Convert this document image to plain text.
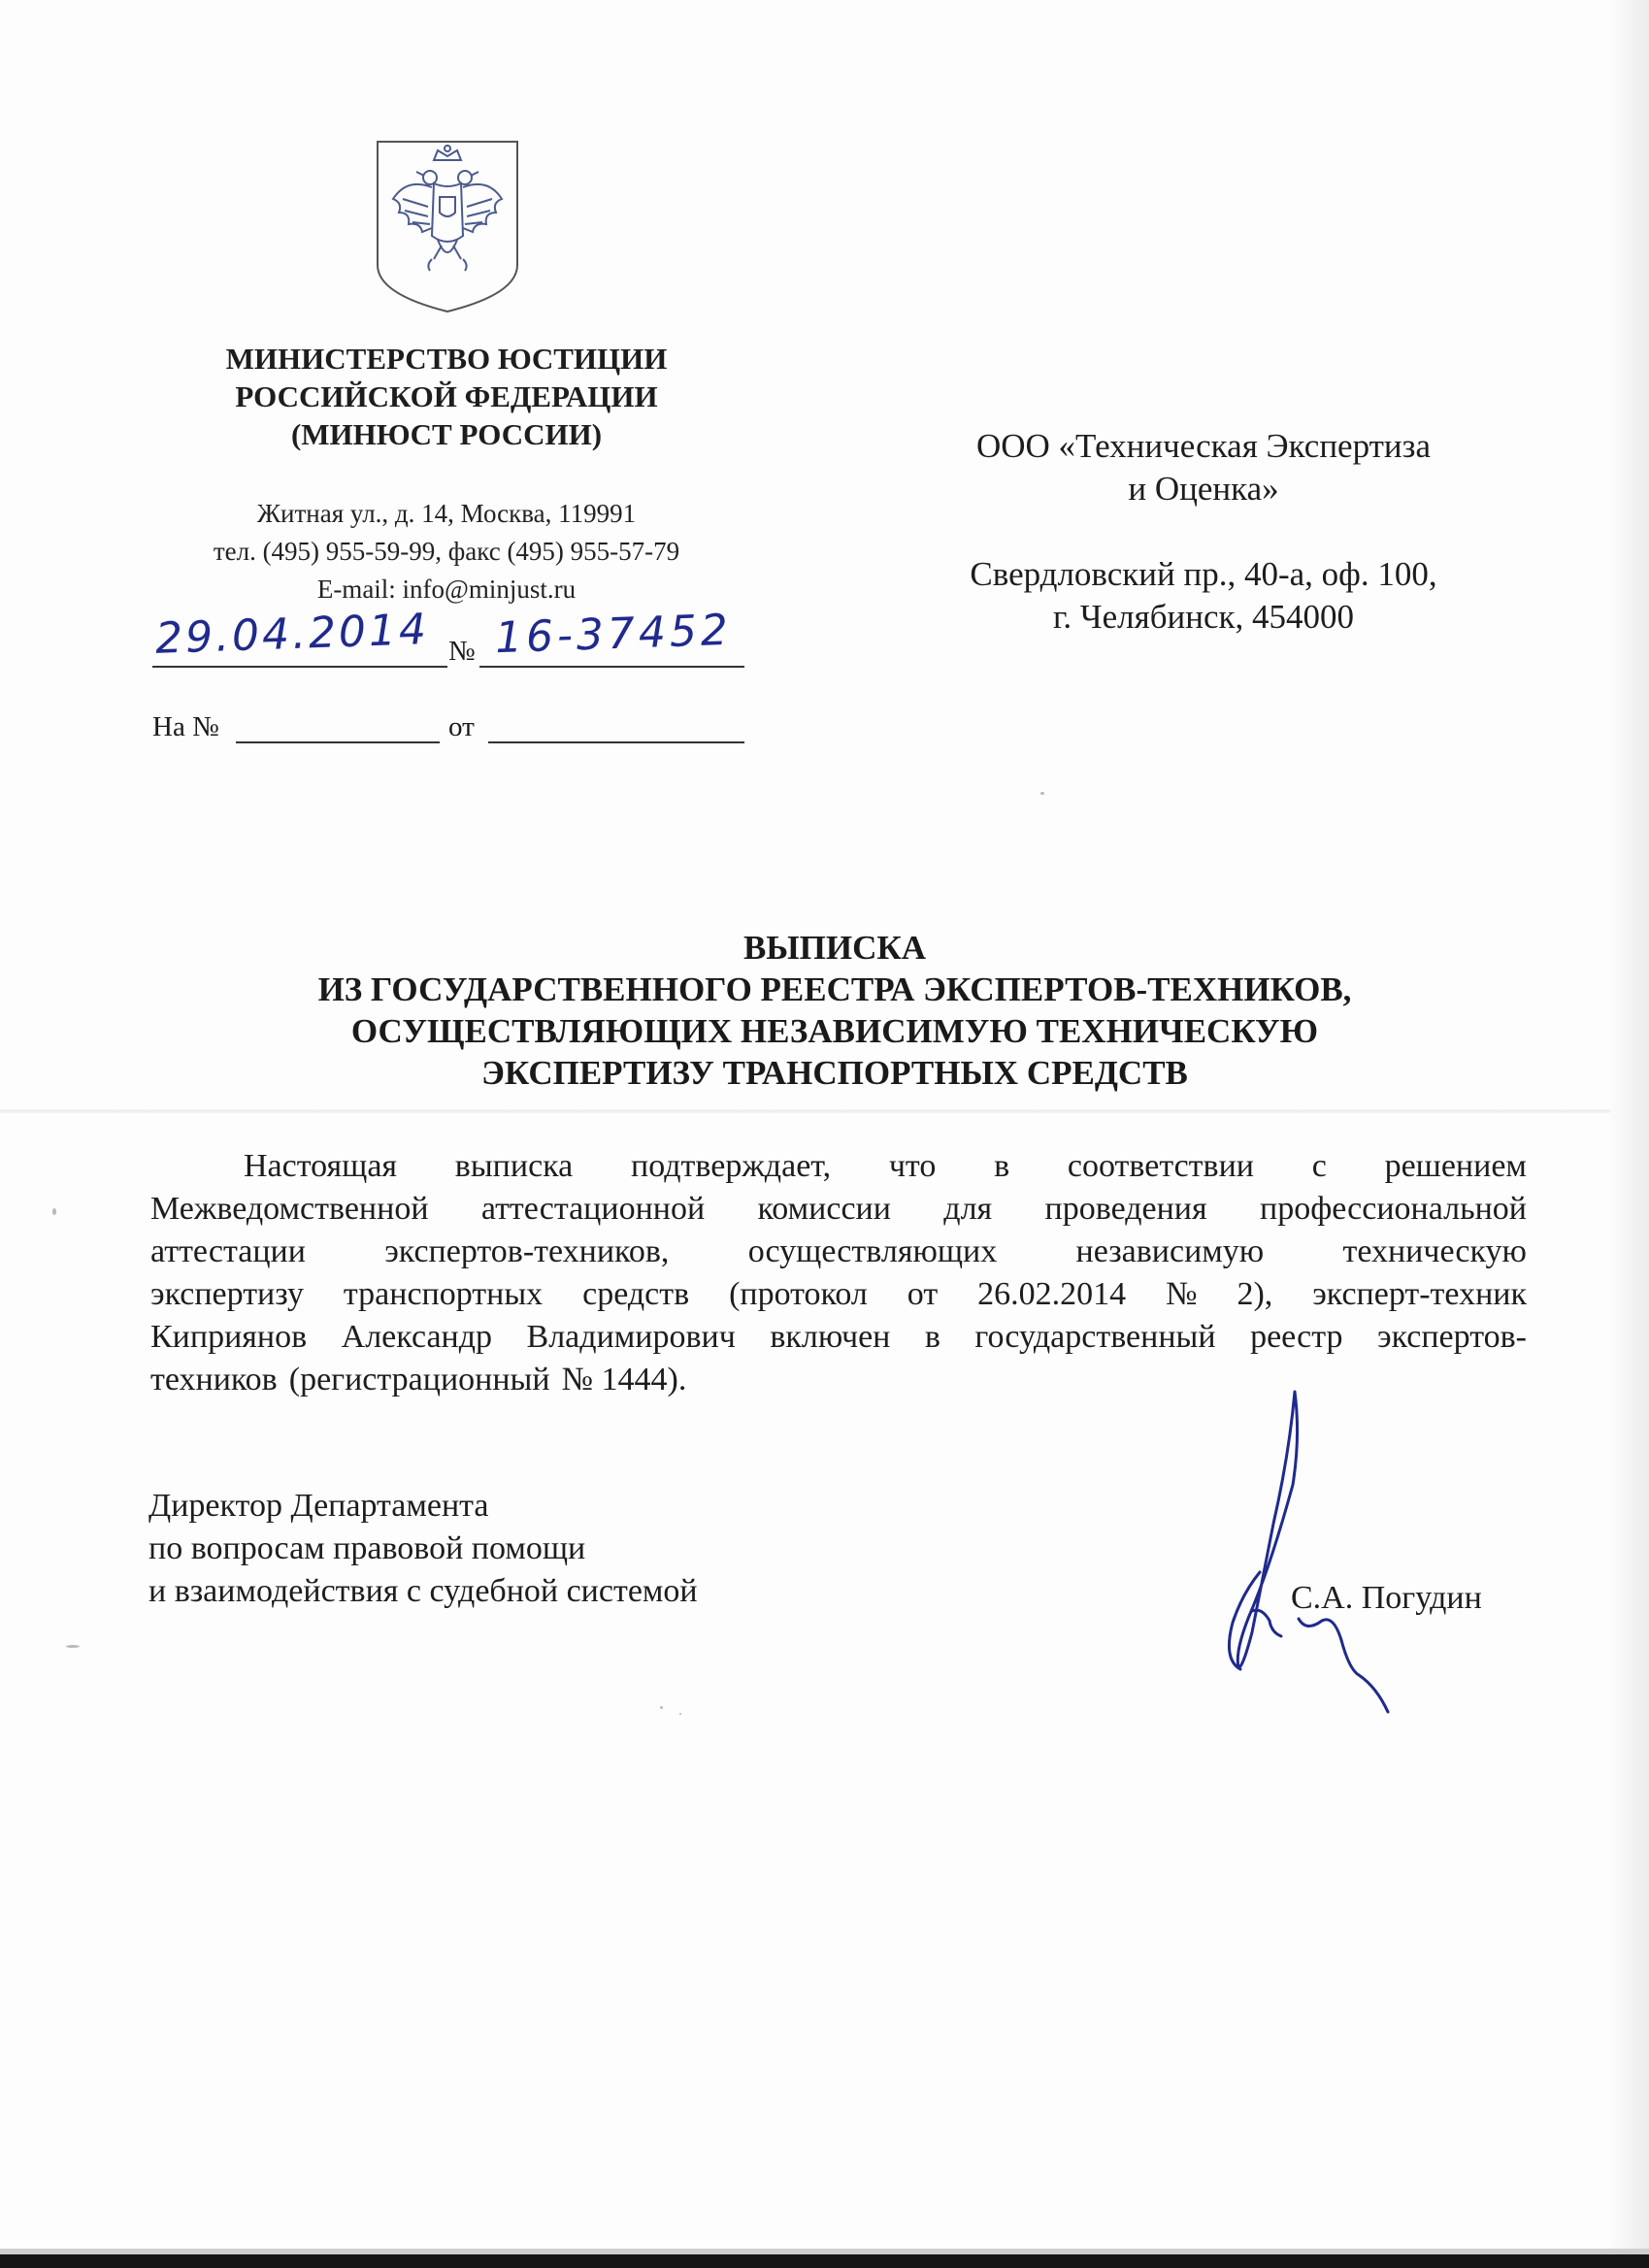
МИНИСТЕРСТВО ЮСТИЦИИ
РОССИЙСКОЙ ФЕДЕРАЦИИ
(МИНЮСТ РОССИИ)
Житная ул., д. 14, Москва, 119991
тел. (495) 955-59-99, факс (495) 955-57-79
E-mail: info@minjust.ru
29.04.2014 № 16-37452
На №	от
ООО «Техническая Экспертиза
и Оценка»
Свердловский пр., 40-а, оф. 100,
г. Челябинск, 454000
ВЫПИСКА
ИЗ ГОСУДАРСТВЕННОГО РЕЕСТРА ЭКСПЕРТОВ-ТЕХНИКОВ,
ОСУЩЕСТВЛЯЮЩИХ НЕЗАВИСИМУЮ ТЕХНИЧЕСКУЮ
ЭКСПЕРТИЗУ ТРАНСПОРТНЫХ СРЕДСТВ
Настоящая выписка подтверждает, что в соответствии с решением
Межведомственной аттестационной комиссии для проведения профессиональной
аттестации экспертов-техников, осуществляющих независимую техническую
экспертизу транспортных средств (протокол от 26.02.2014 № 2), эксперт-техник
Киприянов Александр Владимирович включен в государственный реестр экспертов-
техников (регистрационный № 1444).
Директор Департамента
по вопросам правовой помощи
и взаимодействия с судебной системой	С.А. Погудин
